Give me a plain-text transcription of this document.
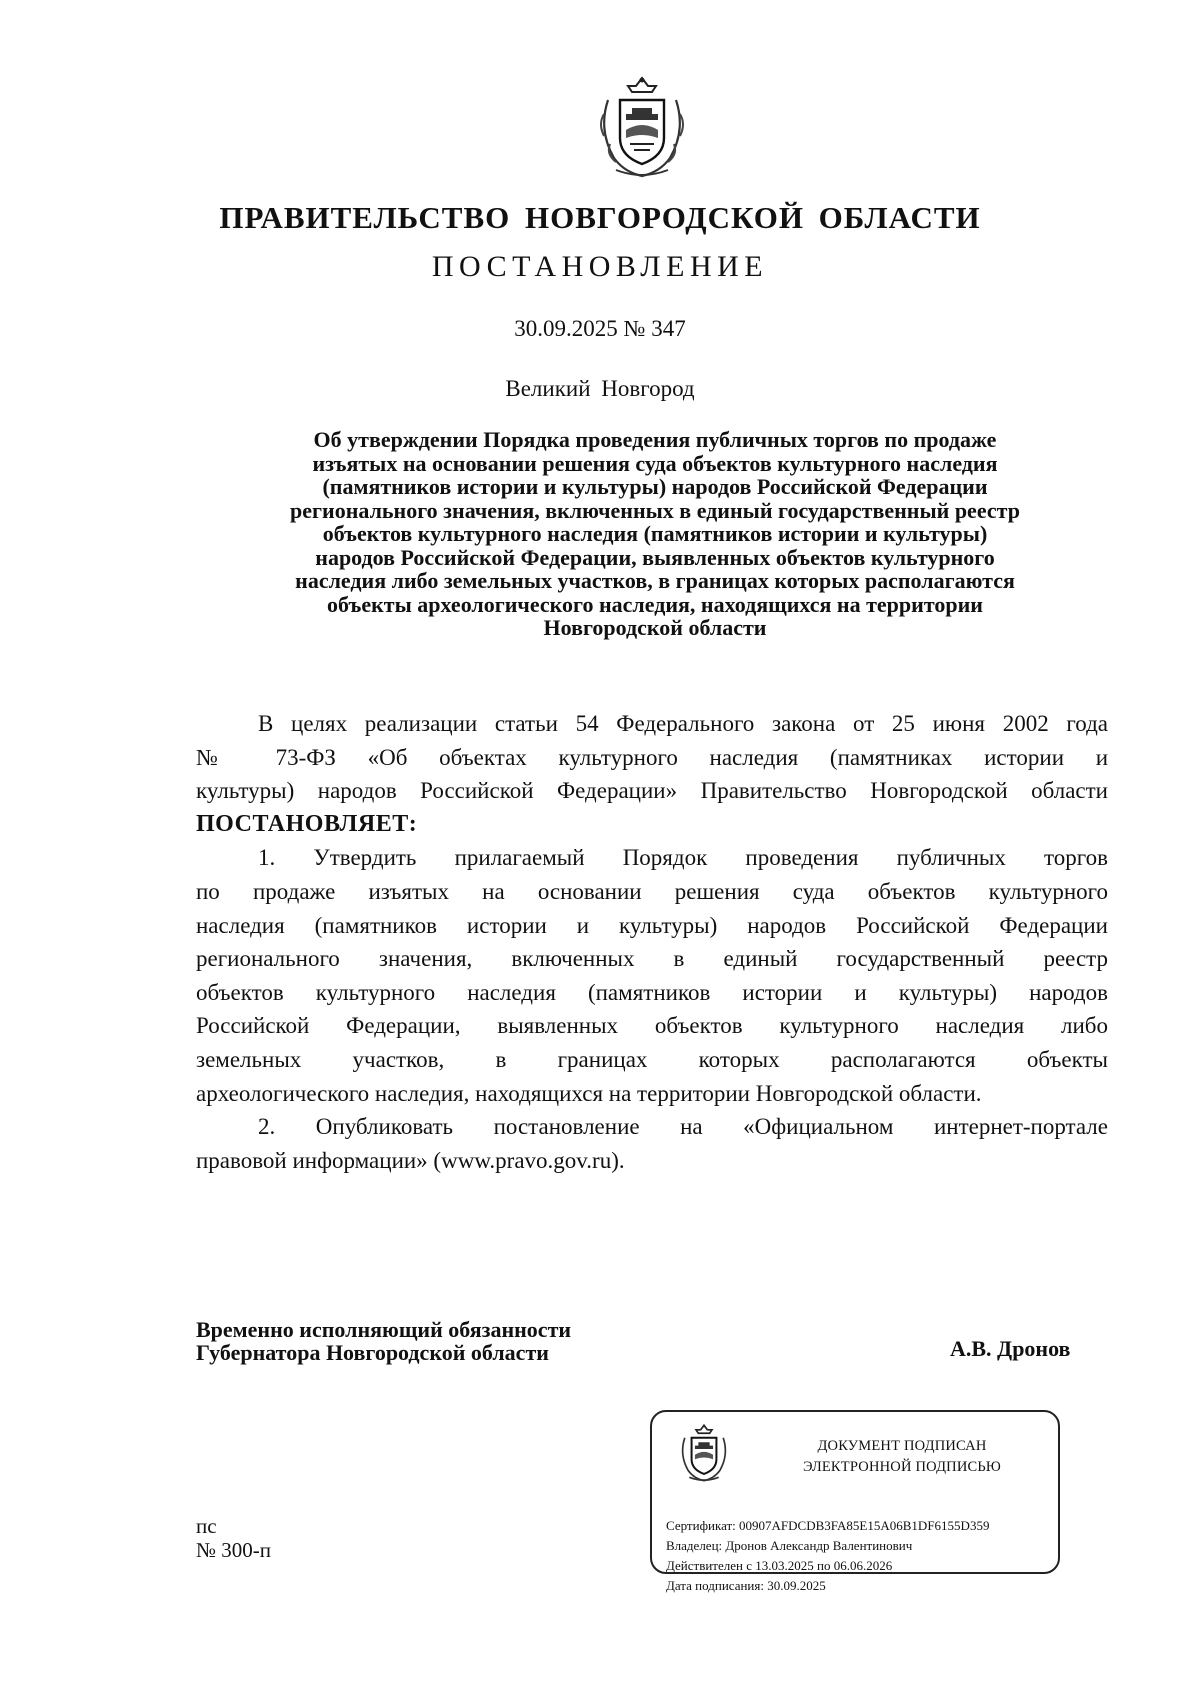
ПРАВИТЕЛЬСТВО НОВГОРОДСКОЙ ОБЛАСТИ
ПОСТАНОВЛЕНИЕ
30.09.2025 № 347
Великий Новгород
Об утверждении Порядка проведения публичных торгов по продаже
изъятых на основании решения суда объектов культурного наследия
(памятников истории и культуры) народов Российской Федерации
регионального значения, включенных в единый государственный реестр
объектов культурного наследия (памятников истории и культуры)
народов Российской Федерации, выявленных объектов культурного
наследия либо земельных участков, в границах которых располагаются
объекты археологического наследия, находящихся на территории
Новгородской области
В целях реализации статьи 54 Федерального закона от 25 июня 2002 года
№ 73-ФЗ «Об объектах культурного наследия (памятниках истории и
культуры) народов Российской Федерации» Правительство Новгородской области
ПОСТАНОВЛЯЕТ:
1. Утвердить прилагаемый Порядок проведения публичных торгов
по продаже изъятых на основании решения суда объектов культурного
наследия (памятников истории и культуры) народов Российской Федерации
регионального значения, включенных в единый государственный реестр
объектов культурного наследия (памятников истории и культуры) народов
Российской Федерации, выявленных объектов культурного наследия либо
земельных участков, в границах которых располагаются объекты
археологического наследия, находящихся на территории Новгородской области.
2. Опубликовать постановление на «Официальном интернет-портале
правовой информации» (www.pravo.gov.ru).
Временно исполняющий обязанности
Губернатора Новгородской области	А.В. Дронов
ДОКУМЕНТ ПОДПИСАН
ЭЛЕКТРОННОЙ ПОДПИСЬЮ
Сертификат: 00907AFDCDB3FA85E15A06B1DF6155D359
Владелец: Дронов Александр Валентинович
Действителен с 13.03.2025 по 06.06.2026
Дата подписания: 30.09.2025
пс
№ 300-п
